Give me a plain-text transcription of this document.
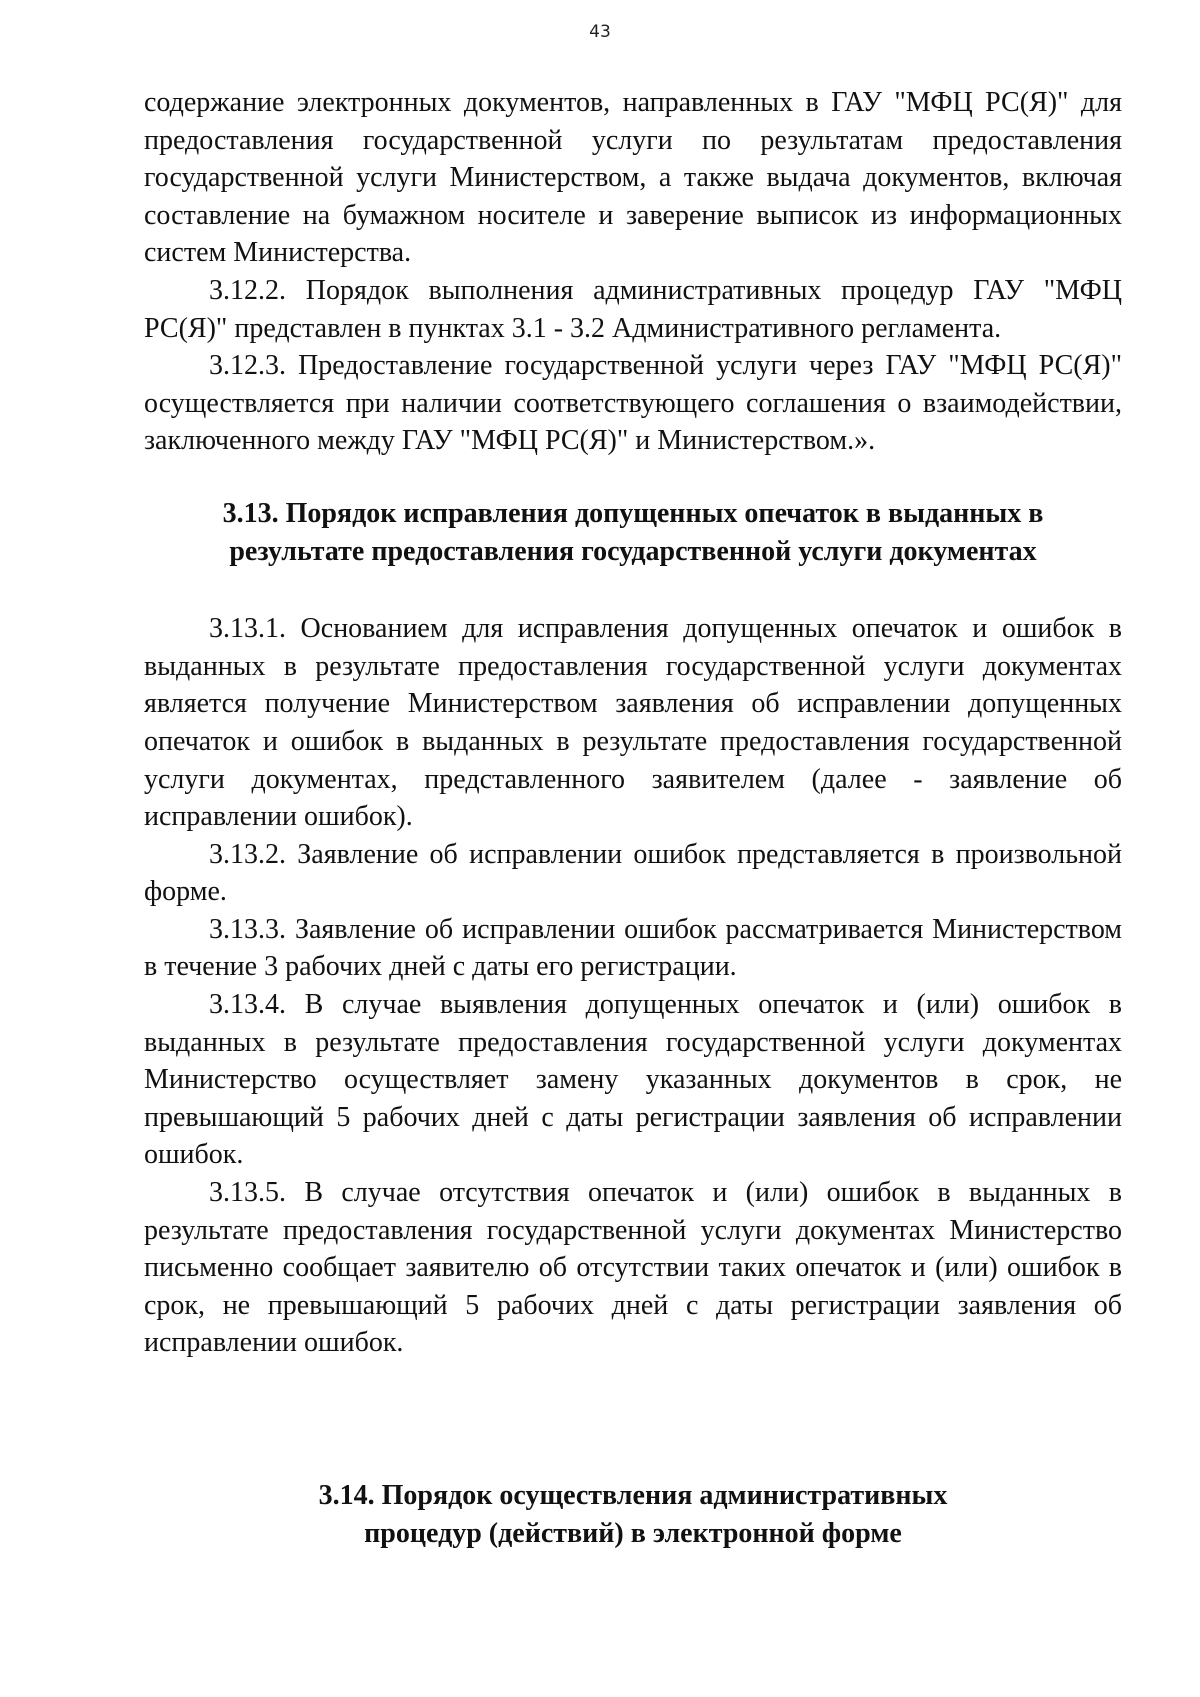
43

содержание электронных документов, направленных в ГАУ "МФЦ РС(Я)" для предоставления государственной услуги по результатам предоставления государственной услуги Министерством, а также выдача документов, включая составление на бумажном носителе и заверение выписок из информационных систем Министерства.

3.12.2. Порядок выполнения административных процедур ГАУ "МФЦ РС(Я)" представлен в пунктах 3.1 - 3.2 Административного регламента.

3.12.3. Предоставление государственной услуги через ГАУ "МФЦ РС(Я)" осуществляется при наличии соответствующего соглашения о взаимодействии, заключенного между ГАУ "МФЦ РС(Я)" и Министерством.».

3.13. Порядок исправления допущенных опечаток в выданных в
результате предоставления государственной услуги документах

3.13.1. Основанием для исправления допущенных опечаток и ошибок в выданных в результате предоставления государственной услуги документах является получение Министерством заявления об исправлении допущенных опечаток и ошибок в выданных в результате предоставления государственной услуги документах, представленного заявителем (далее - заявление об исправлении ошибок).

3.13.2. Заявление об исправлении ошибок представляется в произвольной форме.

3.13.3. Заявление об исправлении ошибок рассматривается Министерством в течение 3 рабочих дней с даты его регистрации.

3.13.4. В случае выявления допущенных опечаток и (или) ошибок в выданных в результате предоставления государственной услуги документах Министерство осуществляет замену указанных документов в срок, не превышающий 5 рабочих дней с даты регистрации заявления об исправлении ошибок.

3.13.5. В случае отсутствия опечаток и (или) ошибок в выданных в результате предоставления государственной услуги документах Министерство письменно сообщает заявителю об отсутствии таких опечаток и (или) ошибок в срок, не превышающий 5 рабочих дней с даты регистрации заявления об исправлении ошибок.

3.14. Порядок осуществления административных
процедур (действий) в электронной форме
